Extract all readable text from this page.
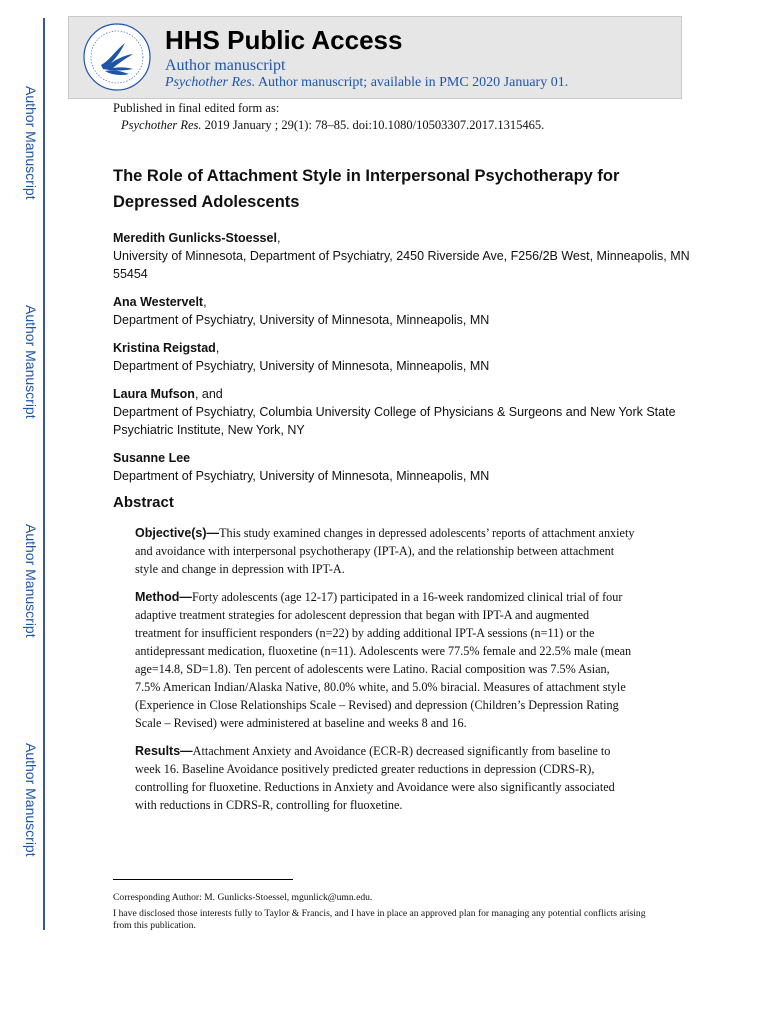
Author Manuscript
Author Manuscript
Author Manuscript
Author Manuscript
HHS Public Access
Author manuscript
Psychother Res. Author manuscript; available in PMC 2020 January 01.
Published in final edited form as:
Psychother Res. 2019 January ; 29(1): 78–85. doi:10.1080/10503307.2017.1315465.
The Role of Attachment Style in Interpersonal Psychotherapy for Depressed Adolescents
Meredith Gunlicks-Stoessel,
University of Minnesota, Department of Psychiatry, 2450 Riverside Ave, F256/2B West, Minneapolis, MN 55454
Ana Westervelt,
Department of Psychiatry, University of Minnesota, Minneapolis, MN
Kristina Reigstad,
Department of Psychiatry, University of Minnesota, Minneapolis, MN
Laura Mufson, and
Department of Psychiatry, Columbia University College of Physicians & Surgeons and New York State Psychiatric Institute, New York, NY
Susanne Lee
Department of Psychiatry, University of Minnesota, Minneapolis, MN
Abstract

Objective(s)—This study examined changes in depressed adolescents’ reports of attachment anxiety and avoidance with interpersonal psychotherapy (IPT-A), and the relationship between attachment style and change in depression with IPT-A.

Method—Forty adolescents (age 12-17) participated in a 16-week randomized clinical trial of four adaptive treatment strategies for adolescent depression that began with IPT-A and augmented treatment for insufficient responders (n=22) by adding additional IPT-A sessions (n=11) or the antidepressant medication, fluoxetine (n=11). Adolescents were 77.5% female and 22.5% male (mean age=14.8, SD=1.8). Ten percent of adolescents were Latino. Racial composition was 7.5% Asian, 7.5% American Indian/Alaska Native, 80.0% white, and 5.0% biracial. Measures of attachment style (Experience in Close Relationships Scale – Revised) and depression (Children’s Depression Rating Scale – Revised) were administered at baseline and weeks 8 and 16.

Results—Attachment Anxiety and Avoidance (ECR-R) decreased significantly from baseline to week 16. Baseline Avoidance positively predicted greater reductions in depression (CDRS-R), controlling for fluoxetine. Reductions in Anxiety and Avoidance were also significantly associated with reductions in CDRS-R, controlling for fluoxetine.

Corresponding Author: M. Gunlicks-Stoessel, mgunlick@umn.edu.

I have disclosed those interests fully to Taylor & Francis, and I have in place an approved plan for managing any potential conflicts arising from this publication.
